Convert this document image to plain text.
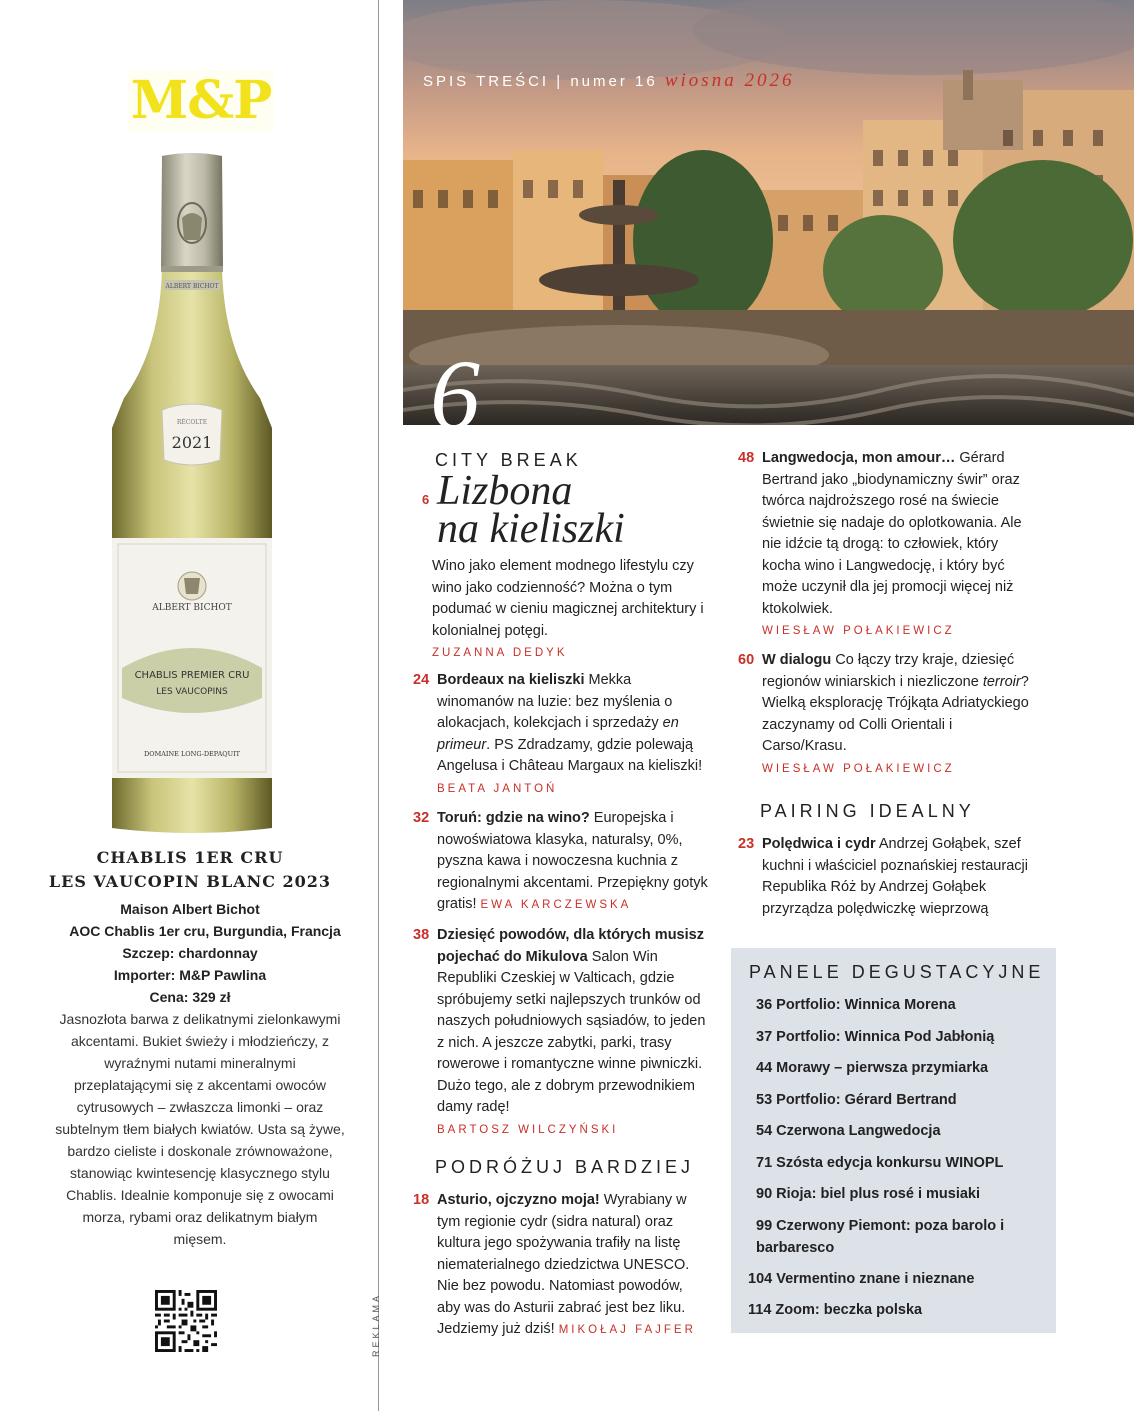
M&P
ALBERT BICHOT
RÉCOLTE
2021
ALBERT BICHOT
CHABLIS PREMIER CRU
LES VAUCOPINS
DOMAINE LONG-DEPAQUIT
CHABLIS 1ER CRU
LES VAUCOPIN BLANC 2023
Maison Albert Bichot
AOC Chablis 1er cru, Burgundia, Francja
Szczep: chardonnay
Importer: M&P Pawlina
Cena: 329 zł
Jasnozłota barwa z delikatnymi zielonkawymi akcentami. Bukiet świeży i młodzieńczy, z wyraźnymi nutami mineralnymi przeplatającymi się z akcentami owoców cytrusowych – zwłaszcza limonki – oraz subtelnym tłem białych kwiatów. Usta są żywe, bardzo cieliste i doskonale zrównoważone, stanowiąc kwintesencję klasycznego stylu Chablis. Idealnie komponuje się z owocami morza, rybami oraz delikatnym białym mięsem.
REKLAMA
SPIS TREŚCI | numer 16 wiosna 2026
6
CITY BREAK
6 Lizbona
na kieliszki
Wino jako element modnego lifestylu czy wino jako codzienność? Można o tym podumać w cieniu magicznej architektury i kolonialnej potęgi.
ZUZANNA DEDYK
24 Bordeaux na kieliszki Mekka winomanów na luzie: bez myślenia o alokacjach, kolekcjach i sprzedaży en primeur. PS Zdradzamy, gdzie polewają Angelusa i Château Margaux na kieliszki! BEATA JANTOŃ
32 Toruń: gdzie na wino? Europejska i nowoświatowa klasyka, naturalsy, 0%, pyszna kawa i nowoczesna kuchnia z regionalnymi akcentami. Przepiękny gotyk gratis! EWA KARCZEWSKA
38 Dziesięć powodów, dla których musisz pojechać do Mikulova Salon Win Republiki Czeskiej w Valticach, gdzie spróbujemy setki najlepszych trunków od naszych południowych sąsiadów, to jeden z nich. A jeszcze zabytki, parki, trasy rowerowe i romantyczne winne piwniczki. Dużo tego, ale z dobrym przewodnikiem damy radę!
BARTOSZ WILCZYŃSKI
PODRÓŻUJ BARDZIEJ
18 Asturio, ojczyzno moja! Wyrabiany w tym regionie cydr (sidra natural) oraz kultura jego spożywania trafiły na listę niematerialnego dziedzictwa UNESCO. Nie bez powodu. Natomiast powodów, aby was do Asturii zabrać jest bez liku. Jedziemy już dziś! MIKOŁAJ FAJFER
48 Langwedocja, mon amour… Gérard Bertrand jako „biodynamiczny świr” oraz twórca najdroższego rosé na świecie świetnie się nadaje do oplotkowania. Ale nie idźcie tą drogą: to człowiek, który kocha wino i Langwedocję, i który być może uczynił dla jej promocji więcej niż ktokolwiek.
WIESŁAW POŁAKIEWICZ
60 W dialogu Co łączy trzy kraje, dziesięć regionów winiarskich i niezliczone terroir? Wielką eksplorację Trójkąta Adriatyckiego zaczynamy od Colli Orientali i Carso/Krasu.
WIESŁAW POŁAKIEWICZ
PAIRING IDEALNY
23 Polędwica i cydr Andrzej Gołąbek, szef kuchni i właściciel poznańskiej restauracji Republika Róż by Andrzej Gołąbek przyrządza polędwiczkę wieprzową
PANELE DEGUSTACYJNE
36 Portfolio: Winnica Morena
37 Portfolio: Winnica Pod Jabłonią
44 Morawy – pierwsza przymiarka
53 Portfolio: Gérard Bertrand
54 Czerwona Langwedocja
71 Szósta edycja konkursu WINOPL
90 Rioja: biel plus rosé i musiaki
99 Czerwony Piemont: poza barolo i barbaresco
104 Vermentino znane i nieznane
114 Zoom: beczka polska
